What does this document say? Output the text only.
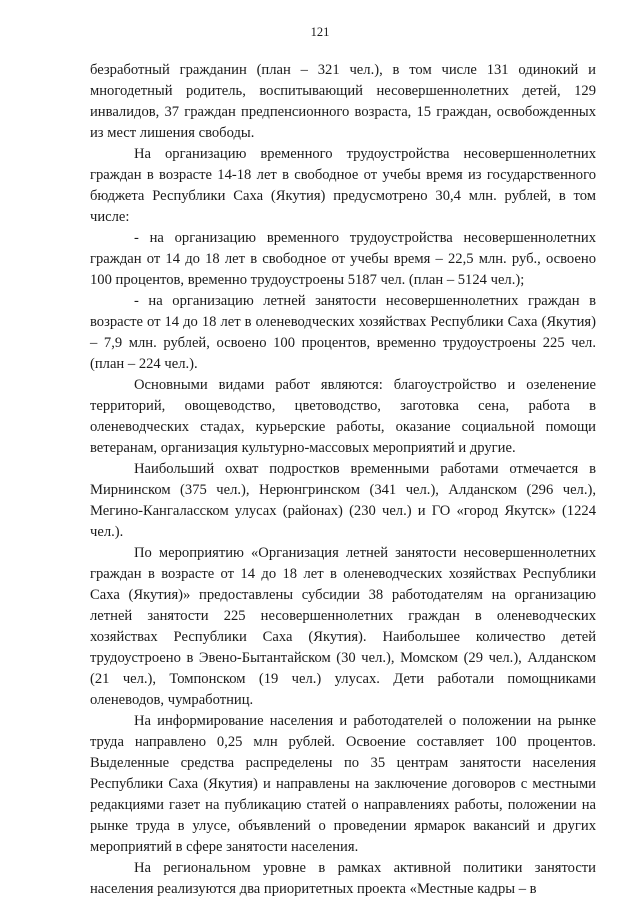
121

безработный гражданин (план – 321 чел.), в том числе 131 одинокий и многодетный родитель, воспитывающий несовершеннолетних детей, 129 инвалидов, 37 граждан предпенсионного возраста, 15 граждан, освобожденных из мест лишения свободы.

На организацию временного трудоустройства несовершеннолетних граждан в возрасте 14-18 лет в свободное от учебы время из государственного бюджета Республики Саха (Якутия) предусмотрено 30,4 млн. рублей, в том числе:

- на организацию временного трудоустройства несовершеннолетних граждан от 14 до 18 лет в свободное от учебы время – 22,5 млн. руб., освоено 100 процентов, временно трудоустроены 5187 чел. (план – 5124 чел.);

- на организацию летней занятости несовершеннолетних граждан в возрасте от 14 до 18 лет в оленеводческих хозяйствах Республики Саха (Якутия) – 7,9 млн. рублей, освоено 100 процентов, временно трудоустроены 225 чел. (план – 224 чел.).

Основными видами работ являются: благоустройство и озеленение территорий, овощеводство, цветоводство, заготовка сена, работа в оленеводческих стадах, курьерские работы, оказание социальной помощи ветеранам, организация культурно-массовых мероприятий и другие.

Наибольший охват подростков временными работами отмечается в Мирнинском (375 чел.), Нерюнгринском (341 чел.), Алданском (296 чел.), Мегино-Кангаласском улусах (районах) (230 чел.) и ГО «город Якутск» (1224 чел.).

По мероприятию «Организация летней занятости несовершеннолетних граждан в возрасте от 14 до 18 лет в оленеводческих хозяйствах Республики Саха (Якутия)» предоставлены субсидии 38 работодателям на организацию летней занятости 225 несовершеннолетних граждан в оленеводческих хозяйствах Республики Саха (Якутия). Наибольшее количество детей трудоустроено в Эвено-Бытантайском (30 чел.), Момском (29 чел.), Алданском (21 чел.), Томпонском (19 чел.) улусах. Дети работали помощниками оленеводов, чумработниц.

На информирование населения и работодателей о положении на рынке труда направлено 0,25 млн рублей. Освоение составляет 100 процентов. Выделенные средства распределены по 35 центрам занятости населения Республики Саха (Якутия) и направлены на заключение договоров с местными редакциями газет на публикацию статей о направлениях работы, положении на рынке труда в улусе, объявлений о проведении ярмарок вакансий и других мероприятий в сфере занятости населения.

На региональном уровне в рамках активной политики занятости населения реализуются два приоритетных проекта «Местные кадры – в
